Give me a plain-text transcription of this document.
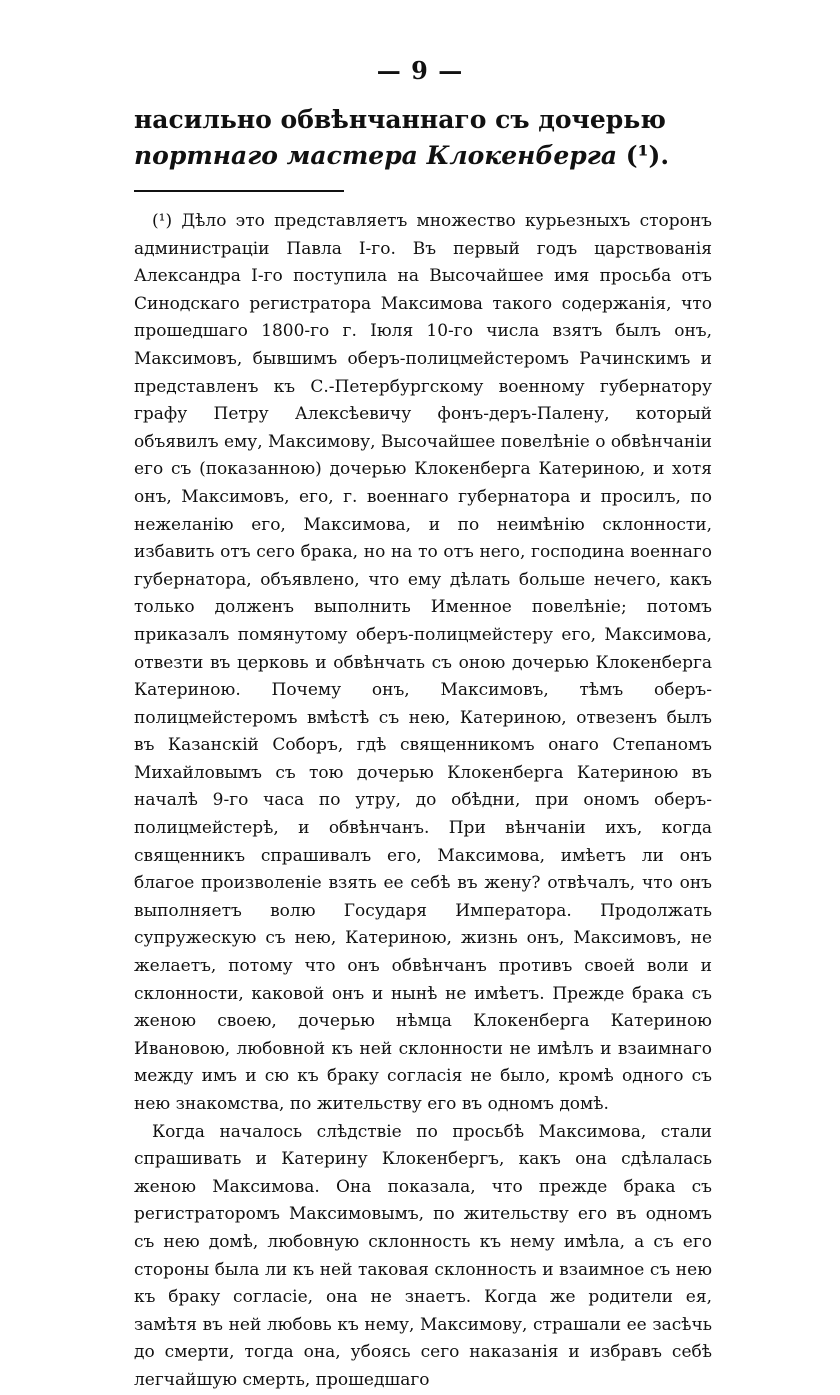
— 9 —
насильно обвѣнчаннаго съ дочерью портнаго мастера Клокенберга (¹).

(¹) Дѣло это представляетъ множество курьезныхъ сторонъ администрацiи Павла I-го. Въ первый годъ царствованiя Александра I-го поступила на Высочайшее имя просьба отъ Синодскаго регистратора Максимова такого содержанiя, что прошедшаго 1800-го г. Iюля 10-го числа взятъ былъ онъ, Максимовъ, бывшимъ оберъ-полицмейстеромъ Рачинскимъ и представленъ къ С.-Петербургскому военному губернатору графу Петру Алексѣевичу фонъ-деръ-Палену, который объявилъ ему, Максимову, Высочайшее повелѣнiе о обвѣнчанiи его съ (показанною) дочерью Клокенберга Катериною, и хотя онъ, Максимовъ, его, г. военнаго губернатора и просилъ, по нежеланiю его, Максимова, и по неимѣнiю склонности, избавить отъ сего брака, но на то отъ него, господина военнаго губернатора, объявлено, что ему дѣлать больше нечего, какъ только долженъ выполнить Именное повелѣнiе; потомъ приказалъ помянутому оберъ-полицмейстеру его, Максимова, отвезти въ церковь и обвѣнчать съ оною дочерью Клокенберга Катериною. Почему онъ, Максимовъ, тѣмъ оберъ-полицмейстеромъ вмѣстѣ съ нею, Катериною, отвезенъ былъ въ Казанскiй Соборъ, гдѣ священникомъ онаго Степаномъ Михайловымъ съ тою дочерью Клокенберга Катериною въ началѣ 9-го часа по утру, до обѣдни, при ономъ оберъ-полицмейстерѣ, и обвѣнчанъ. При вѣнчанiи ихъ, когда священникъ спрашивалъ его, Максимова, имѣетъ ли онъ благое произволенiе взять ее себѣ въ жену? отвѣчалъ, что онъ выполняетъ волю Государя Императора. Продолжать супружескую съ нею, Катериною, жизнь онъ, Максимовъ, не желаетъ, потому что онъ обвѣнчанъ противъ своей воли и склонности, каковой онъ и нынѣ не имѣетъ. Прежде брака съ женою своею, дочерью нѣмца Клокенберга Катериною Ивановою, любовной къ ней склонности не имѣлъ и взаимнаго между имъ и сю къ браку согласiя не было, кромѣ одного съ нею знакомства, по жительству его въ одномъ домѣ.

Когда началось слѣдствiе по просьбѣ Максимова, стали спрашивать и Катерину Клокенбергъ, какъ она сдѣлалась женою Максимова. Она показала, что прежде брака съ регистраторомъ Максимовымъ, по жительству его въ одномъ съ нею домѣ, любовную склонность къ нему имѣла, а съ его стороны была ли къ ней таковая склонность и взаимное съ нею къ браку согласiе, она не знаетъ. Когда же родители ея, замѣтя въ ней любовь къ нему, Максимову, страшали ее засѣчь до смерти, тогда она, убоясь сего наказанiя и избравъ себѣ легчайшую смерть, прошедшаго
